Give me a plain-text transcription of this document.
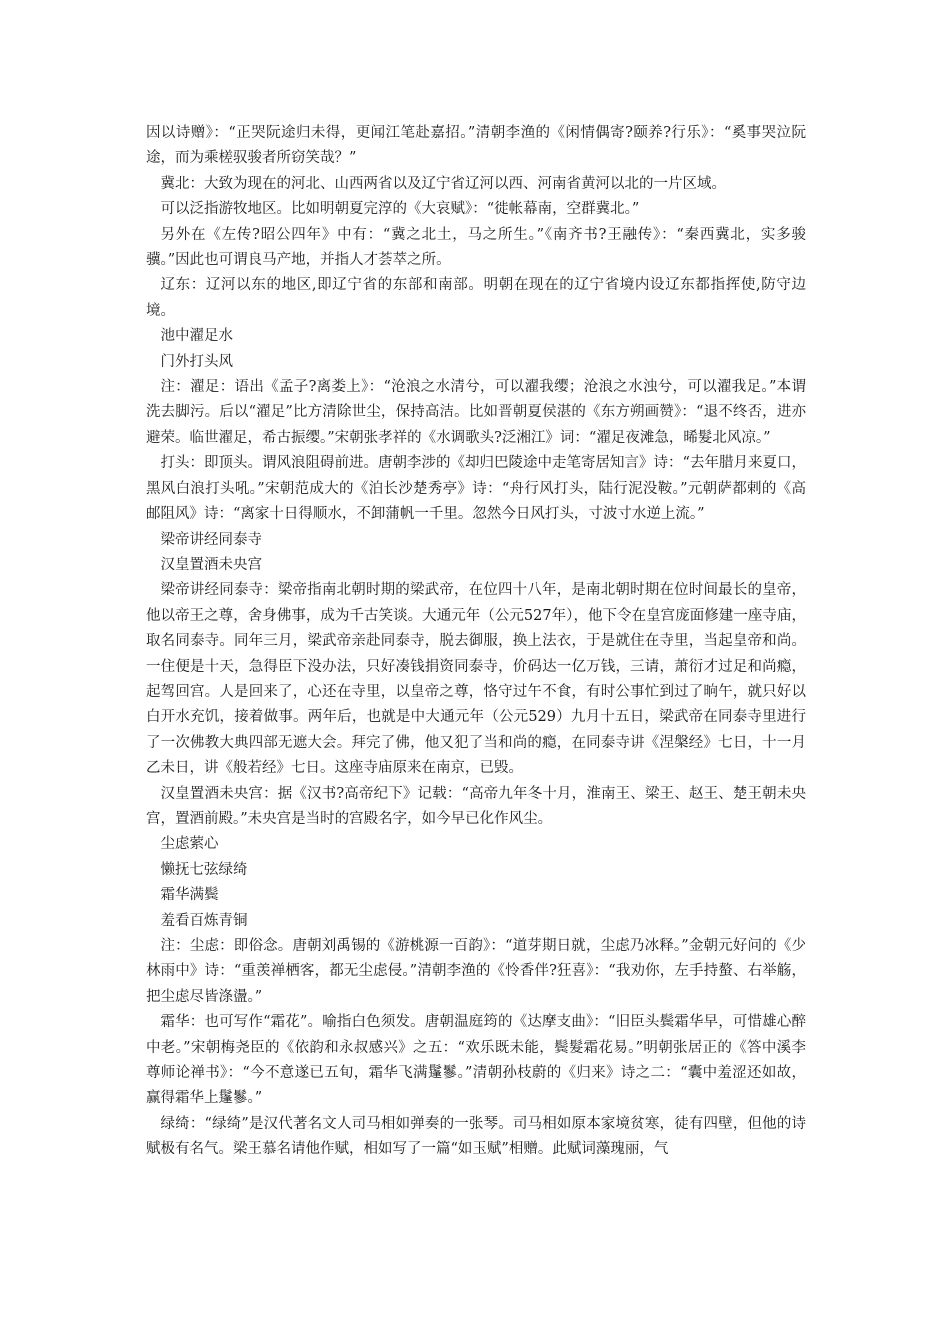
因以诗赠》：“正哭阮途归未得，更闻江笔赴嘉招。”清朝李渔的《闲情偶寄?颐养?行乐》：“奚事哭泣阮途，而为乘槎驭骏者所窃笑哉？”

冀北：大致为现在的河北、山西两省以及辽宁省辽河以西、河南省黄河以北的一片区域。

可以泛指游牧地区。比如明朝夏完淳的《大哀赋》：“徙帐幕南，空群冀北。”

另外在《左传?昭公四年》中有：“冀之北土，马之所生。”《南齐书?王融传》：“秦西冀北，实多骏骥。”因此也可谓良马产地，并指人才荟萃之所。

辽东：辽河以东的地区,即辽宁省的东部和南部。明朝在现在的辽宁省境内设辽东都指挥使,防守边境。

池中濯足水

门外打头风

注：濯足：语出《孟子?离娄上》：“沧浪之水清兮，可以濯我缨；沧浪之水浊兮，可以濯我足。”本谓洗去脚污。后以“濯足”比方清除世尘，保持高洁。比如晋朝夏侯湛的《东方朔画赞》：“退不终否，进亦避荣。临世濯足，希古振缨。”宋朝张孝祥的《水调歌头?泛湘江》词：“濯足夜滩急，晞髮北风凉。”

打头：即顶头。谓风浪阻碍前进。唐朝李涉的《却归巴陵途中走笔寄居知言》诗：“去年腊月来夏口，黑风白浪打头吼。”宋朝范成大的《泊长沙楚秀亭》诗：“舟行风打头，陆行泥没鞍。”元朝萨都剌的《高邮阻风》诗：“离家十日得顺水，不卸蒲帆一千里。忽然今日风打头，寸波寸水逆上流。”

梁帝讲经同泰寺

汉皇置酒未央宫

梁帝讲经同泰寺：梁帝指南北朝时期的梁武帝，在位四十八年，是南北朝时期在位时间最长的皇帝，他以帝王之尊，舍身佛事，成为千古笑谈。大通元年（公元527年），他下令在皇宫庞面修建一座寺庙，取名同泰寺。同年三月，梁武帝亲赴同泰寺，脱去御服，换上法衣，于是就住在寺里，当起皇帝和尚。一住便是十天，急得臣下没办法，只好凑钱捐资同泰寺，价码达一亿万钱，三请，萧衍才过足和尚瘾，起驾回宫。人是回来了，心还在寺里，以皇帝之尊，恪守过午不食，有时公事忙到过了晌午，就只好以白开水充饥，接着做事。两年后，也就是中大通元年（公元529）九月十五日，梁武帝在同泰寺里进行了一次佛教大典四部无遮大会。拜完了佛，他又犯了当和尚的瘾，在同泰寺讲《涅槃经》七日，十一月乙未日，讲《般若经》七日。这座寺庙原来在南京，已毁。

汉皇置酒未央宫：据《汉书?高帝纪下》记载：“高帝九年冬十月，淮南王、梁王、赵王、楚王朝未央宫，置酒前殿。”未央宫是当时的宫殿名字，如今早已化作风尘。

尘虑萦心

懒抚七弦绿绮

霜华满鬓

羞看百炼青铜

注：尘虑：即俗念。唐朝刘禹锡的《游桃源一百韵》：“道芽期日就，尘虑乃冰释。”金朝元好问的《少林雨中》诗：“重羡禅栖客，都无尘虑侵。”清朝李渔的《怜香伴?狂喜》：“我劝你，左手持螯、右举觞，把尘虑尽皆涤盪。”

霜华：也可写作“霜花”。喻指白色须发。唐朝温庭筠的《达摩支曲》：“旧臣头鬓霜华早，可惜雄心醉中老。”宋朝梅尧臣的《依韵和永叔感兴》之五：“欢乐既未能，鬓髮霜花易。”明朝张居正的《答中溪李尊师论禅书》：“今不意遂已五旬，霜华飞满鬔鬖。”清朝孙枝蔚的《归来》诗之二：“囊中羞涩还如故，赢得霜华上鬔鬖。”

绿绮：“绿绮”是汉代著名文人司马相如弹奏的一张琴。司马相如原本家境贫寒，徒有四壁，但他的诗赋极有名气。梁王慕名请他作赋，相如写了一篇“如玉赋”相赠。此赋词藻瑰丽，气
